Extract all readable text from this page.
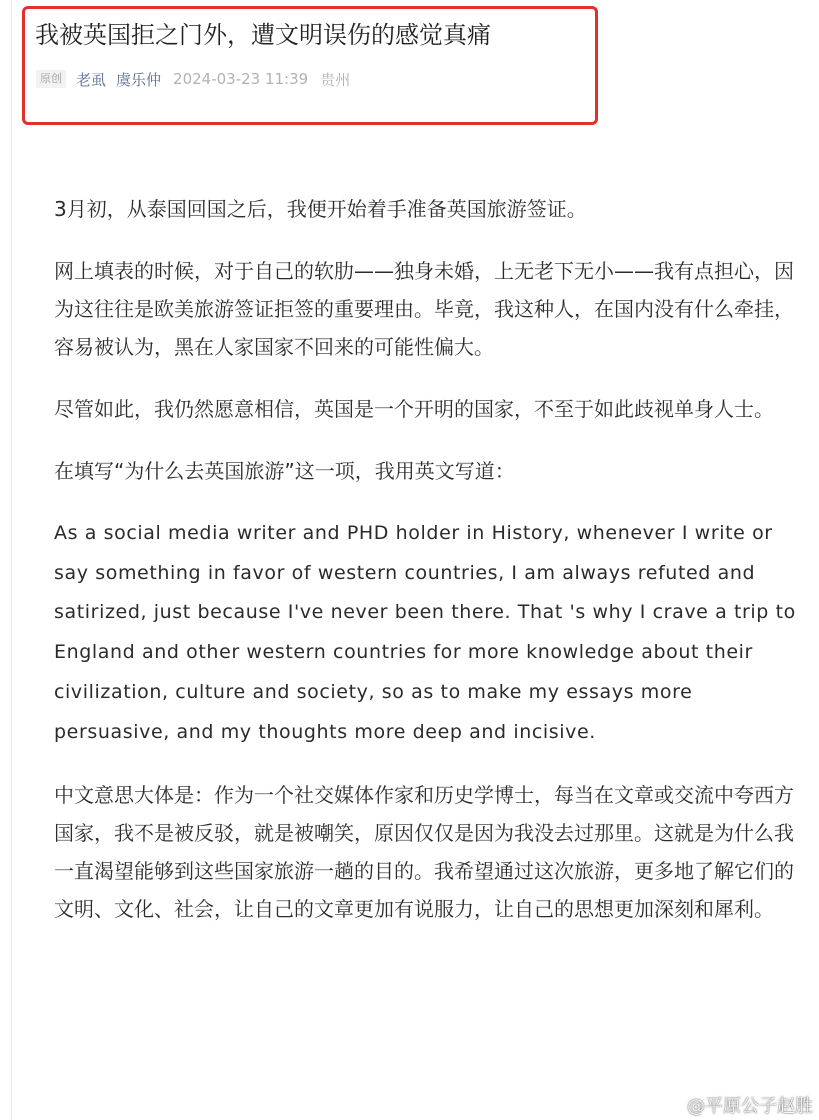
我被英国拒之门外，遭文明误伤的感觉真痛
原创 老虱 虞乐仲 2024-03-23 11:39 贵州

3月初，从泰国回国之后，我便开始着手准备英国旅游签证。

网上填表的时候，对于自己的软肋——独身未婚，上无老下无小——我有点担心，因为这往往是欧美旅游签证拒签的重要理由。毕竟，我这种人，在国内没有什么牵挂，容易被认为，黑在人家国家不回来的可能性偏大。

尽管如此，我仍然愿意相信，英国是一个开明的国家，不至于如此歧视单身人士。

在填写“为什么去英国旅游”这一项，我用英文写道：

As a social media writer and PHD holder in History, whenever I write or say something in favor of western countries, I am always refuted and satirized, just because I've never been there. That 's why I crave a trip to England and other western countries for more knowledge about their civilization, culture and society, so as to make my essays more persuasive, and my thoughts more deep and incisive.

中文意思大体是：作为一个社交媒体作家和历史学博士，每当在文章或交流中夸西方国家，我不是被反驳，就是被嘲笑，原因仅仅是因为我没去过那里。这就是为什么我一直渴望能够到这些国家旅游一趟的目的。我希望通过这次旅游，更多地了解它们的文明、文化、社会，让自己的文章更加有说服力，让自己的思想更加深刻和犀利。

@平原公子赵胜
